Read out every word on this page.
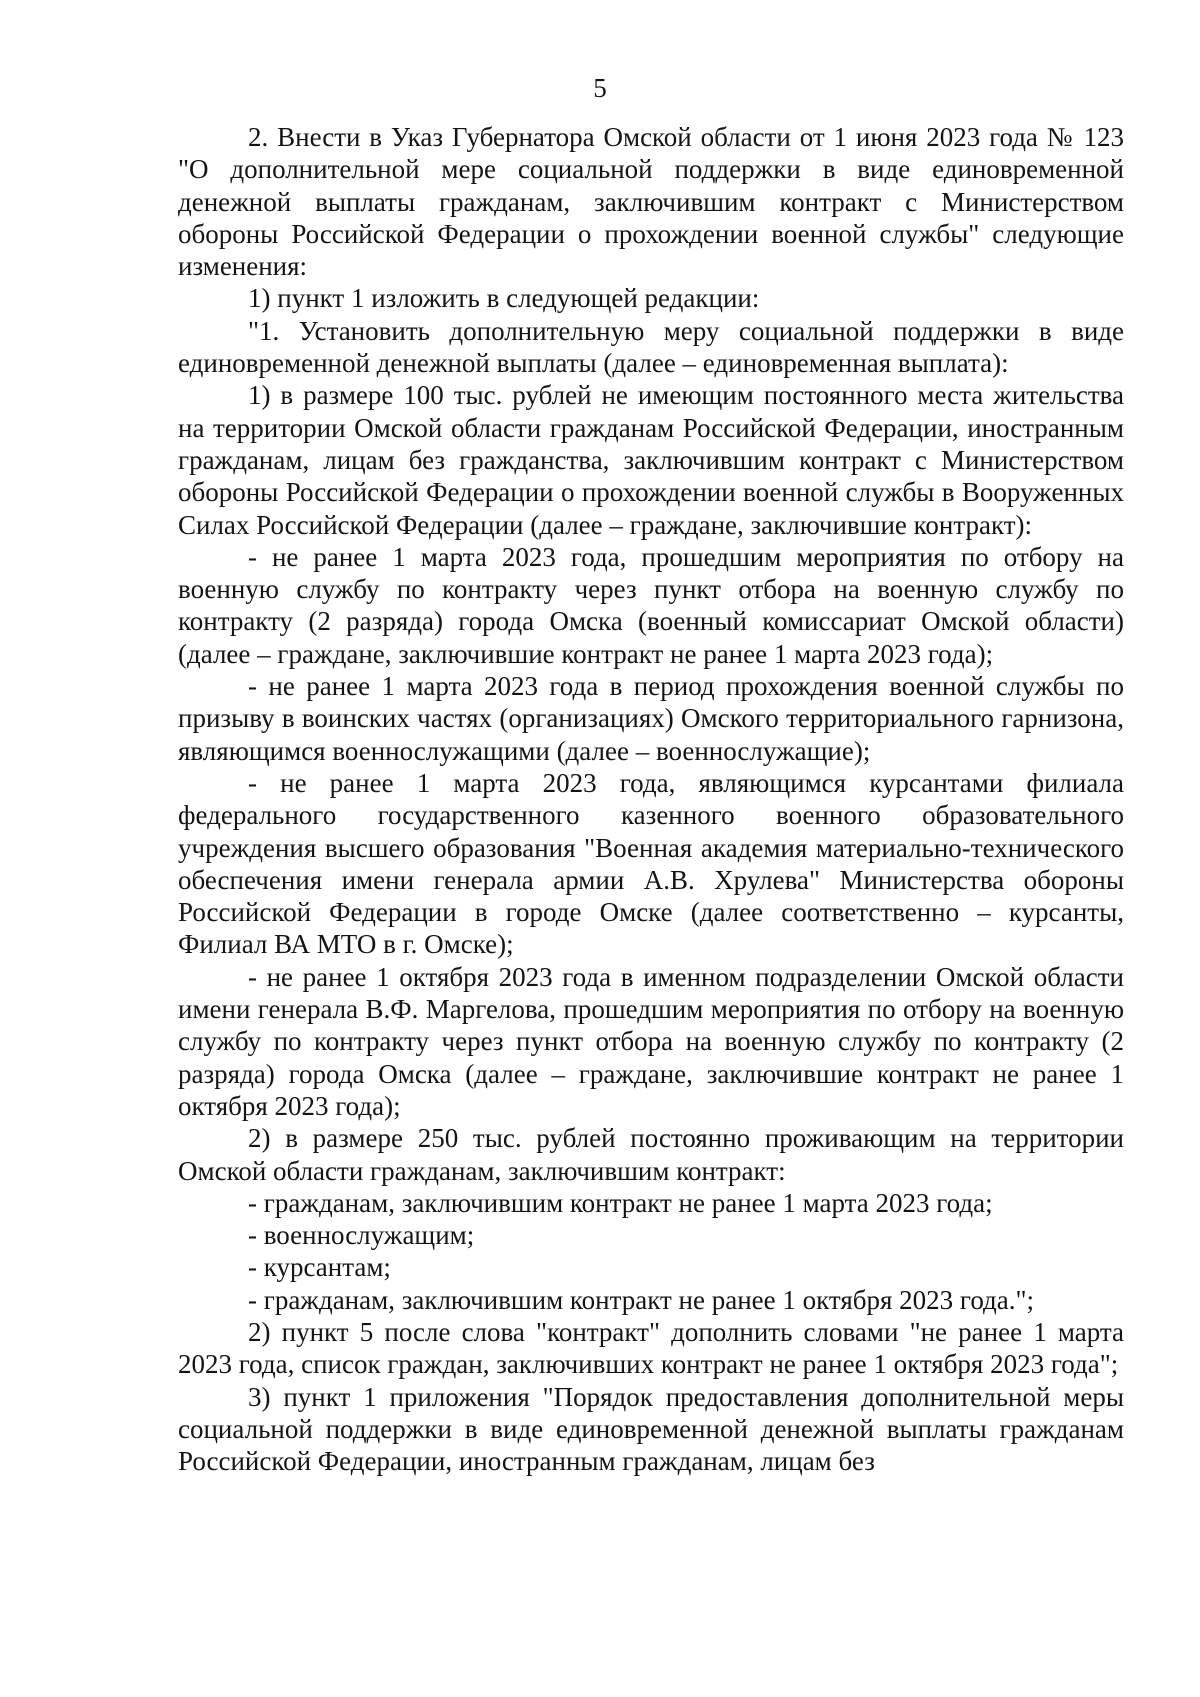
5

2. Внести в Указ Губернатора Омской области от 1 июня 2023 года № 123 "О дополнительной мере социальной поддержки в виде единовременной денежной выплаты гражданам, заключившим контракт с Министерством обороны Российской Федерации о прохождении военной службы" следующие изменения:

1) пункт 1 изложить в следующей редакции:

"1. Установить дополнительную меру социальной поддержки в виде единовременной денежной выплаты (далее – единовременная выплата):

1) в размере 100 тыс. рублей не имеющим постоянного места жительства на территории Омской области гражданам Российской Федерации, иностранным гражданам, лицам без гражданства, заключившим контракт с Министерством обороны Российской Федерации о прохождении военной службы в Вооруженных Силах Российской Федерации (далее – граждане, заключившие контракт):

- не ранее 1 марта 2023 года, прошедшим мероприятия по отбору на военную службу по контракту через пункт отбора на военную службу по контракту (2 разряда) города Омска (военный комиссариат Омской области) (далее – граждане, заключившие контракт не ранее 1 марта 2023 года);

- не ранее 1 марта 2023 года в период прохождения военной службы по призыву в воинских частях (организациях) Омского территориального гарнизона, являющимся военнослужащими (далее – военнослужащие);

- не ранее 1 марта 2023 года, являющимся курсантами филиала федерального государственного казенного военного образовательного учреждения высшего образования "Военная академия материально-технического обеспечения имени генерала армии А.В. Хрулева" Министерства обороны Российской Федерации в городе Омске (далее соответственно – курсанты, Филиал ВА МТО в г. Омске);

- не ранее 1 октября 2023 года в именном подразделении Омской области имени генерала В.Ф. Маргелова, прошедшим мероприятия по отбору на военную службу по контракту через пункт отбора на военную службу по контракту (2 разряда) города Омска (далее – граждане, заключившие контракт не ранее 1 октября 2023 года);

2) в размере 250 тыс. рублей постоянно проживающим на территории Омской области гражданам, заключившим контракт:

- гражданам, заключившим контракт не ранее 1 марта 2023 года;

- военнослужащим;

- курсантам;

- гражданам, заключившим контракт не ранее 1 октября 2023 года.";

2) пункт 5 после слова "контракт" дополнить словами "не ранее 1 марта 2023 года, список граждан, заключивших контракт не ранее 1 октября 2023 года";

3) пункт 1 приложения "Порядок предоставления дополнительной меры социальной поддержки в виде единовременной денежной выплаты гражданам Российской Федерации, иностранным гражданам, лицам без
